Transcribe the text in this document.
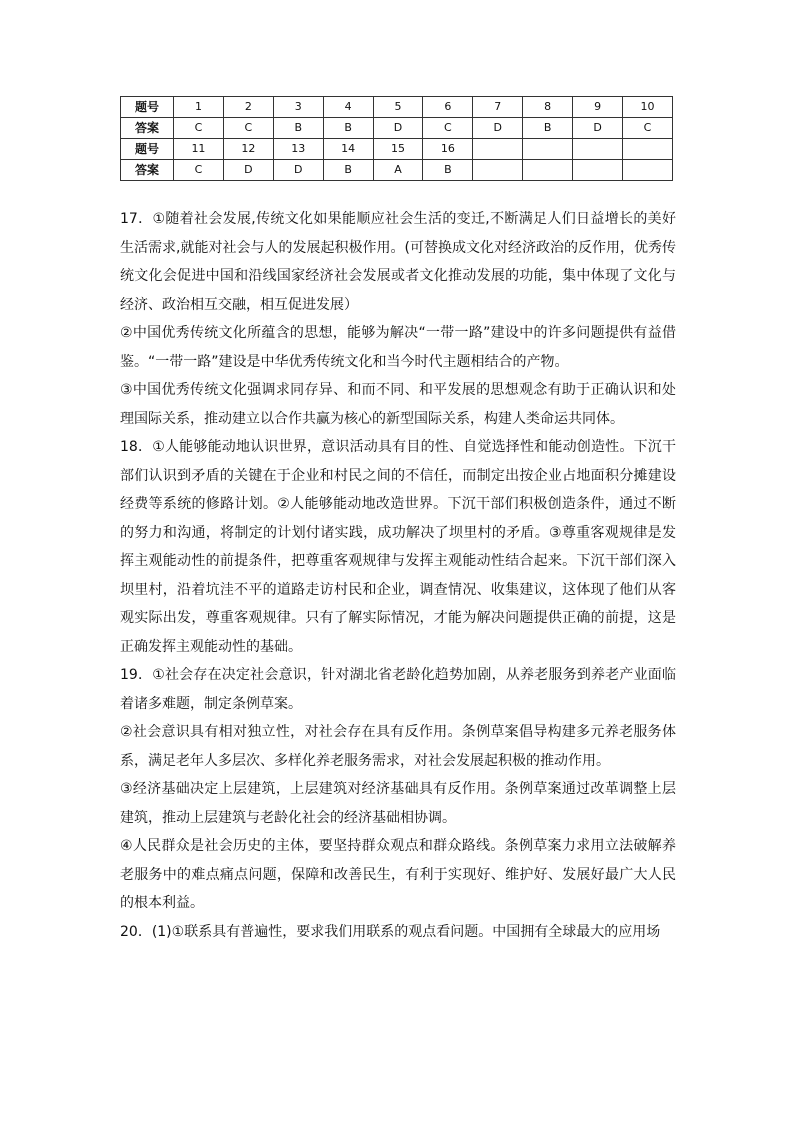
题号	1	2	3	4	5	6	7	8	9	10
答案	C	C	B	B	D	C	D	B	D	C
题号	11	12	13	14	15	16				
答案	C	D	D	B	A	B				

17．①随着社会发展,传统文化如果能顺应社会生活的变迁,不断满足人们日益增长的美好生活需求,就能对社会与人的发展起积极作用。(可替换成文化对经济政治的反作用，优秀传统文化会促进中国和沿线国家经济社会发展或者文化推动发展的功能，集中体现了文化与经济、政治相互交融，相互促进发展）

②中国优秀传统文化所蕴含的思想，能够为解决“一带一路”建设中的许多问题提供有益借鉴。“一带一路”建设是中华优秀传统文化和当今时代主题相结合的产物。

③中国优秀传统文化强调求同存异、和而不同、和平发展的思想观念有助于正确认识和处理国际关系，推动建立以合作共赢为核心的新型国际关系，构建人类命运共同体。

18．①人能够能动地认识世界，意识活动具有目的性、自觉选择性和能动创造性。下沉干部们认识到矛盾的关键在于企业和村民之间的不信任，而制定出按企业占地面积分摊建设经费等系统的修路计划。②人能够能动地改造世界。下沉干部们积极创造条件，通过不断的努力和沟通，将制定的计划付诸实践，成功解决了坝里村的矛盾。③尊重客观规律是发挥主观能动性的前提条件，把尊重客观规律与发挥主观能动性结合起来。下沉干部们深入坝里村，沿着坑洼不平的道路走访村民和企业，调查情况、收集建议，这体现了他们从客观实际出发，尊重客观规律。只有了解实际情况，才能为解决问题提供正确的前提，这是正确发挥主观能动性的基础。

19．①社会存在决定社会意识，针对湖北省老龄化趋势加剧，从养老服务到养老产业面临着诸多难题，制定条例草案。

②社会意识具有相对独立性，对社会存在具有反作用。条例草案倡导构建多元养老服务体系，满足老年人多层次、多样化养老服务需求，对社会发展起积极的推动作用。

③经济基础决定上层建筑，上层建筑对经济基础具有反作用。条例草案通过改革调整上层建筑，推动上层建筑与老龄化社会的经济基础相协调。

④人民群众是社会历史的主体，要坚持群众观点和群众路线。条例草案力求用立法破解养老服务中的难点痛点问题，保障和改善民生，有利于实现好、维护好、发展好最广大人民的根本利益。

20．(1)①联系具有普遍性，要求我们用联系的观点看问题。中国拥有全球最大的应用场
